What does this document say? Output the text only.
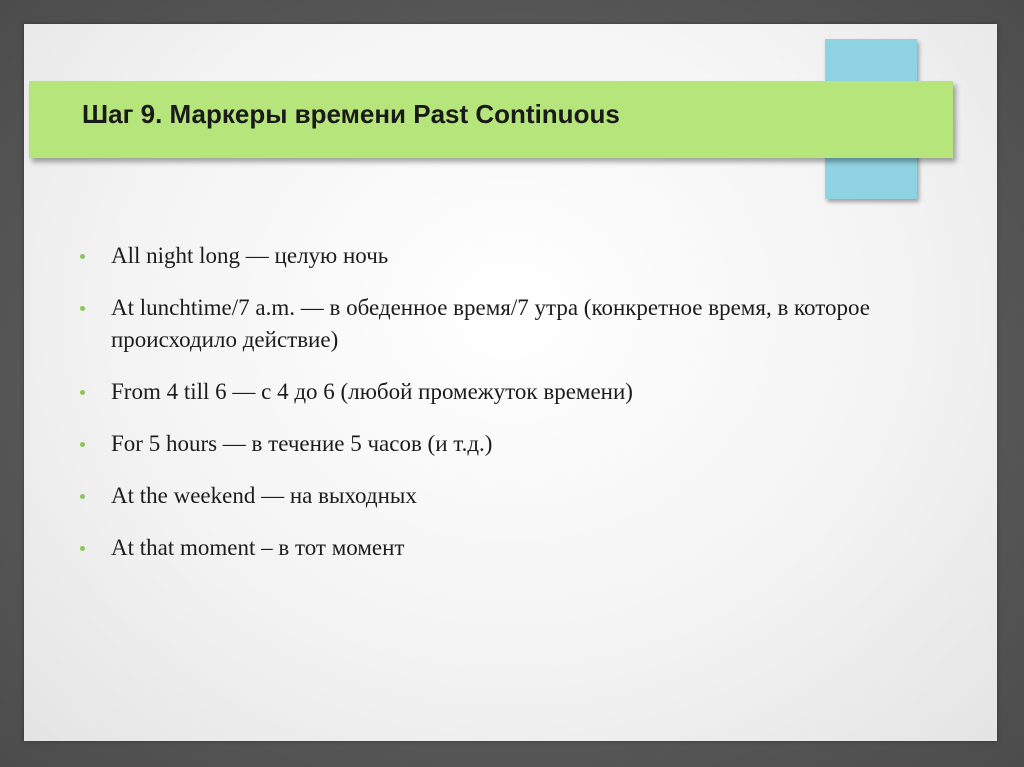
Шаг 9. Маркеры времени Past Continuous
All night long — целую ночь
At lunchtime/7 a.m. — в обеденное время/7 утра (конкретное время, в которое происходило действие)
From 4 till 6 — с 4 до 6 (любой промежуток времени)
For 5 hours — в течение 5 часов (и т.д.)
At the weekend — на выходных
At that moment – в тот момент
